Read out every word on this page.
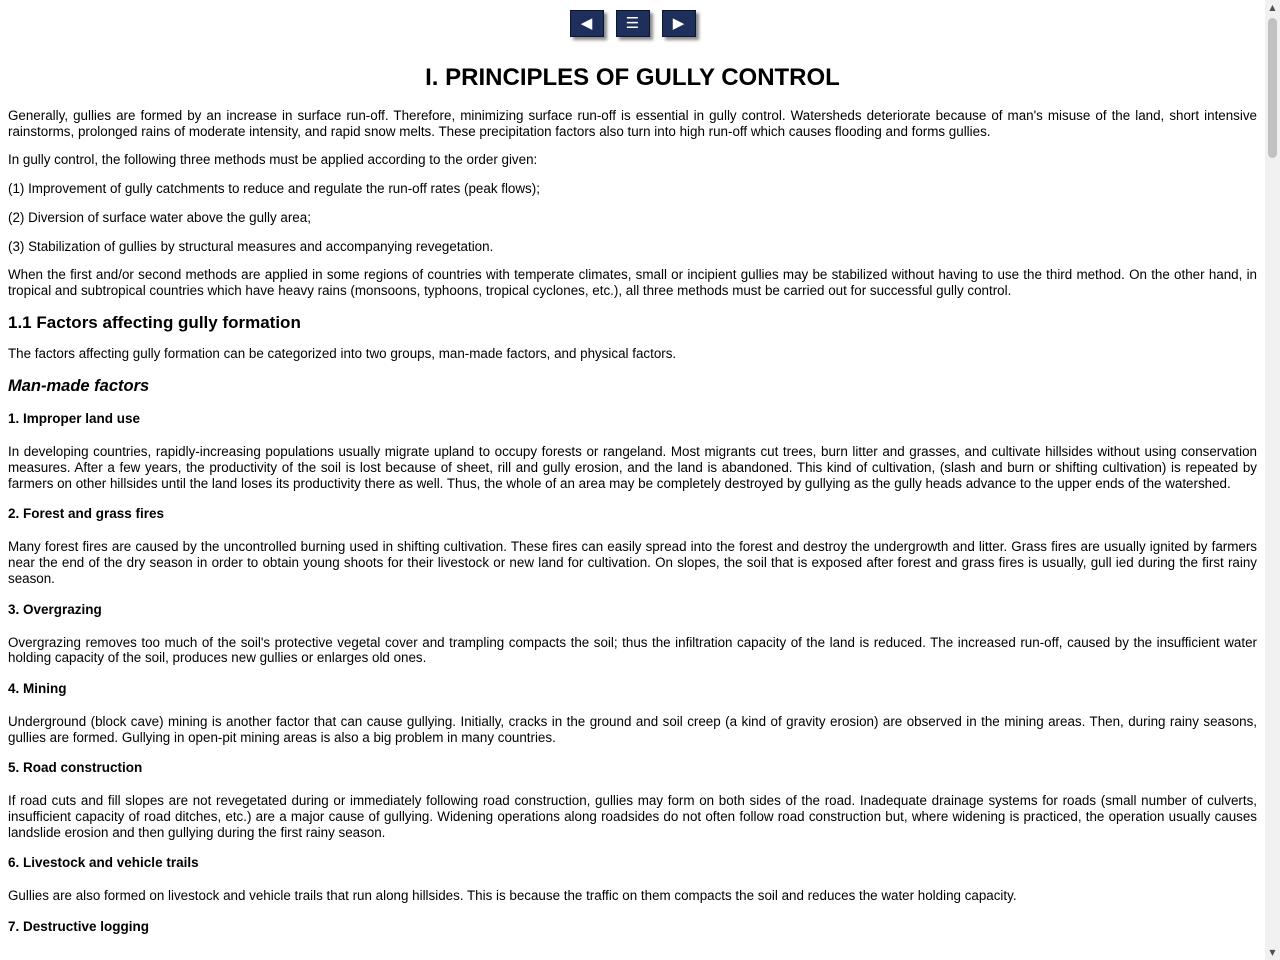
◀
	☰
	▶
I. PRINCIPLES OF GULLY CONTROL

Generally, gullies are formed by an increase in surface run-off. Therefore, minimizing surface run-off is essential in gully control. Watersheds deteriorate because of man's misuse of the land, short intensive rainstorms, prolonged rains of moderate intensity, and rapid snow melts. These precipitation factors also turn into high run-off which causes flooding and forms gullies.

In gully control, the following three methods must be applied according to the order given:

(1) Improvement of gully catchments to reduce and regulate the run-off rates (peak flows);

(2) Diversion of surface water above the gully area;

(3) Stabilization of gullies by structural measures and accompanying revegetation.

When the first and/or second methods are applied in some regions of countries with temperate climates, small or incipient gullies may be stabilized without having to use the third method. On the other hand, in tropical and subtropical countries which have heavy rains (monsoons, typhoons, tropical cyclones, etc.), all three methods must be carried out for successful gully control.

1.1 Factors affecting gully formation

The factors affecting gully formation can be categorized into two groups, man-made factors, and physical factors.

Man-made factors
1. Improper land use

In developing countries, rapidly-increasing populations usually migrate upland to occupy forests or rangeland. Most migrants cut trees, burn litter and grasses, and cultivate hillsides without using conservation measures. After a few years, the productivity of the soil is lost because of sheet, rill and gully erosion, and the land is abandoned. This kind of cultivation, (slash and burn or shifting cultivation) is repeated by farmers on other hillsides until the land loses its productivity there as well. Thus, the whole of an area may be completely destroyed by gullying as the gully heads advance to the upper ends of the watershed.

2. Forest and grass fires

Many forest fires are caused by the uncontrolled burning used in shifting cultivation. These fires can easily spread into the forest and destroy the undergrowth and litter. Grass fires are usually ignited by farmers near the end of the dry season in order to obtain young shoots for their livestock or new land for cultivation. On slopes, the soil that is exposed after forest and grass fires is usually, gull ied during the first rainy season.

3. Overgrazing

Overgrazing removes too much of the soil's protective vegetal cover and trampling compacts the soil; thus the infiltration capacity of the land is reduced. The increased run-off, caused by the insufficient water holding capacity of the soil, produces new gullies or enlarges old ones.

4. Mining

Underground (block cave) mining is another factor that can cause gullying. Initially, cracks in the ground and soil creep (a kind of gravity erosion) are observed in the mining areas. Then, during rainy seasons, gullies are formed. Gullying in open-pit mining areas is also a big problem in many countries.

5. Road construction

If road cuts and fill slopes are not revegetated during or immediately following road construction, gullies may form on both sides of the road. Inadequate drainage systems for roads (small number of culverts, insufficient capacity of road ditches, etc.) are a major cause of gullying. Widening operations along roadsides do not often follow road construction but, where widening is practiced, the operation usually causes landslide erosion and then gullying during the first rainy season.

6. Livestock and vehicle trails

Gullies are also formed on livestock and vehicle trails that run along hillsides. This is because the traffic on them compacts the soil and reduces the water holding capacity.

7. Destructive logging
▲
▼
